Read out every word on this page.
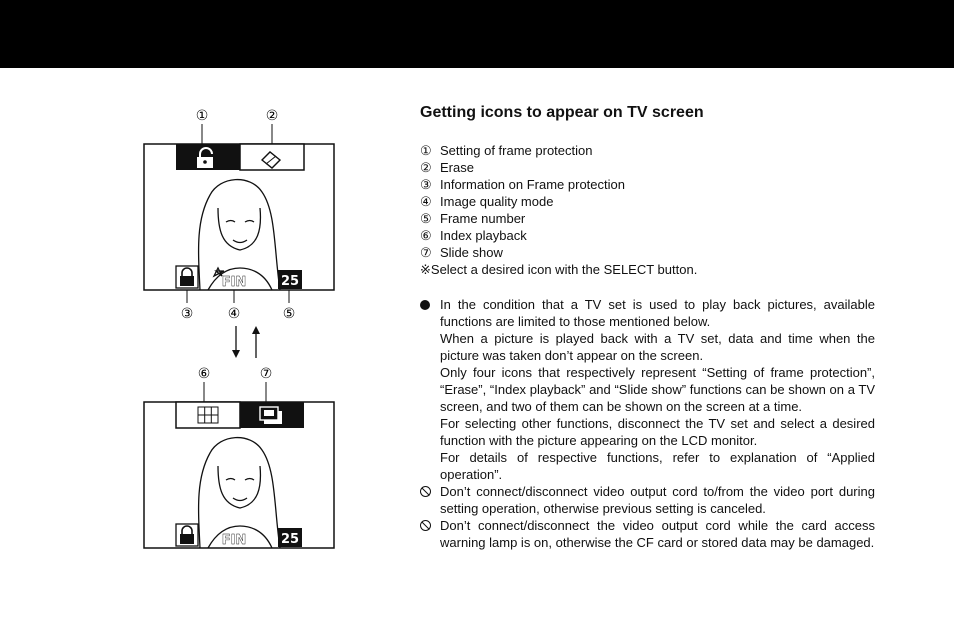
①	②
FIN	25
③ ④	⑤
⑥	⑦
FIN	25
Getting icons to appear on TV screen
① Setting of frame protection
② Erase
③ Information on Frame protection
④ Image quality mode
⑤ Frame number
⑥ Index playback
⑦ Slide show
※Select a desired icon with the SELECT button.

In the condition that a TV set is used to play back pictures, available functions are limited to those mentioned below.

When a picture is played back with a TV set, data and time when the picture was taken don’t appear on the screen.

Only four icons that respectively represent “Setting of frame protection”, “Erase”, “Index playback” and “Slide show” functions can be shown on a TV screen, and two of them can be shown on the screen at a time.

For selecting other functions, disconnect the TV set and select a desired function with the picture appearing on the LCD monitor.

For details of respective functions, refer to explanation of “Applied operation”.

Don’t connect/disconnect video output cord to/from the video port during setting operation, otherwise previous setting is canceled.

Don’t connect/disconnect the video output cord while the card access warning lamp is on, otherwise the CF card or stored data may be damaged.
